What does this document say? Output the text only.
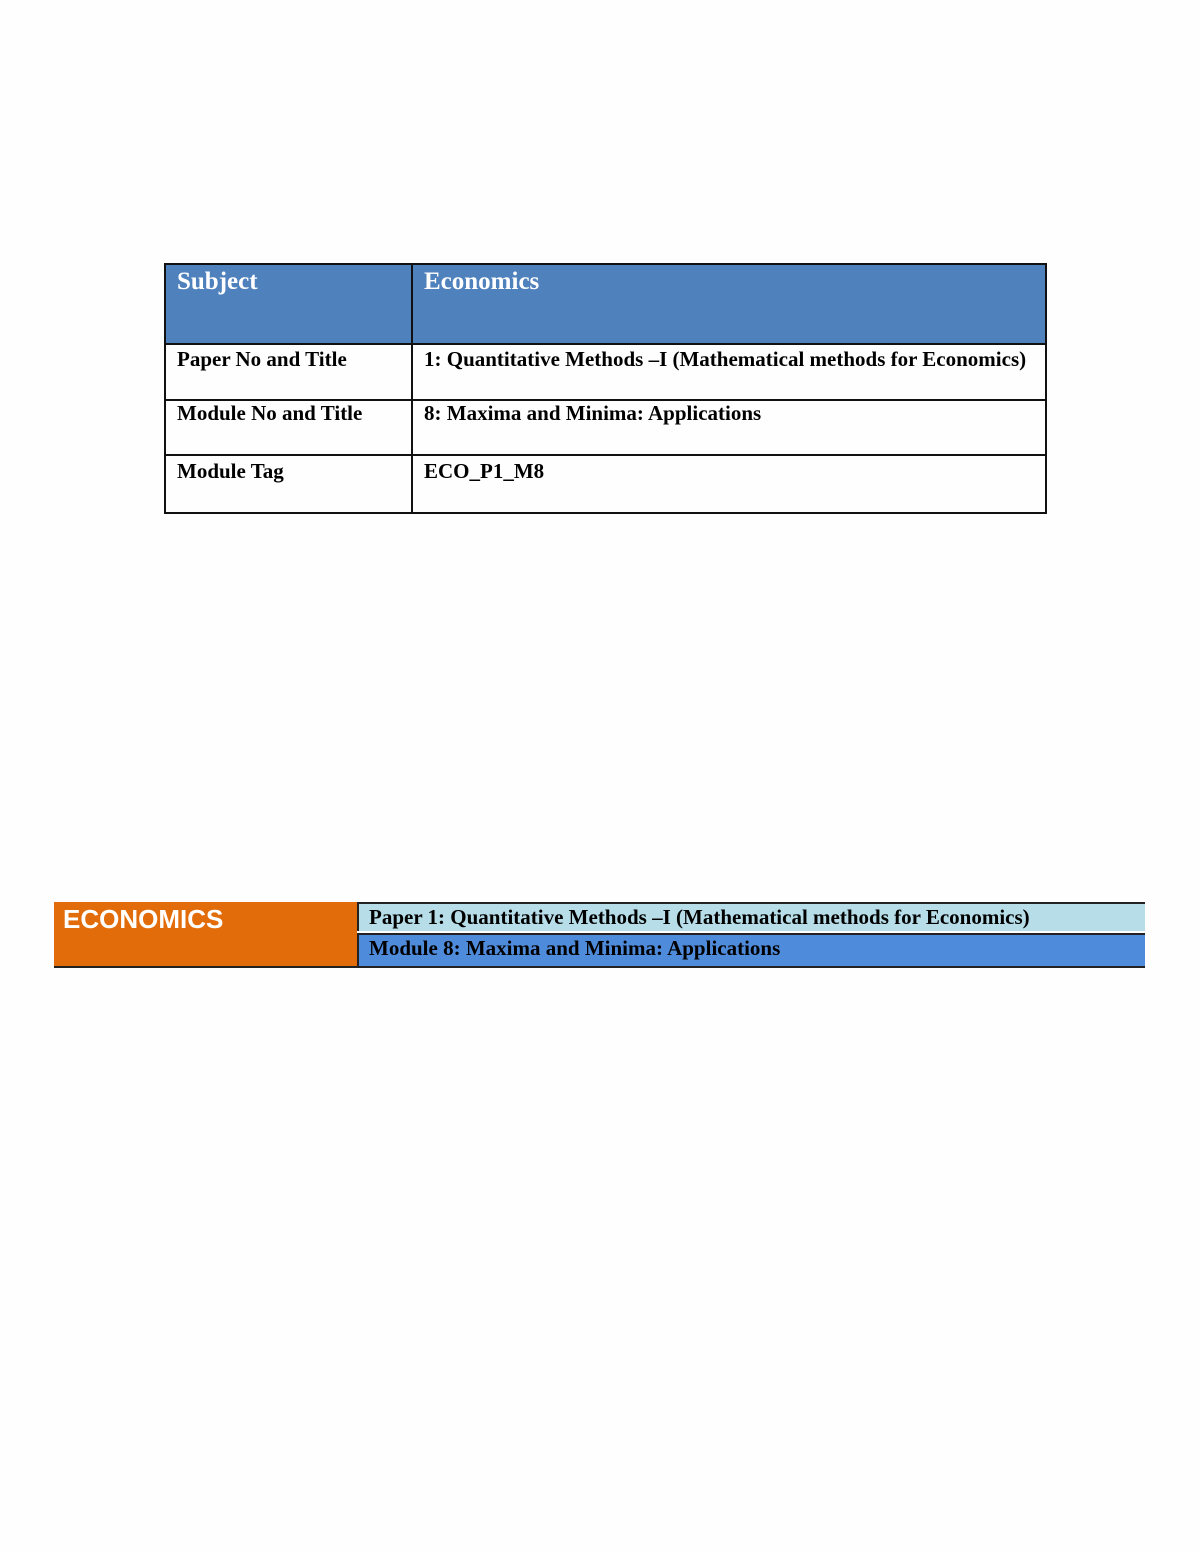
Subject	Economics
Paper No and Title	1: Quantitative Methods –I (Mathematical methods for Economics)
Module No and Title	8: Maxima and Minima: Applications
Module Tag	ECO_P1_M8
ECONOMICS	Paper 1: Quantitative Methods –I (Mathematical methods for Economics)
Module 8: Maxima and Minima: Applications
